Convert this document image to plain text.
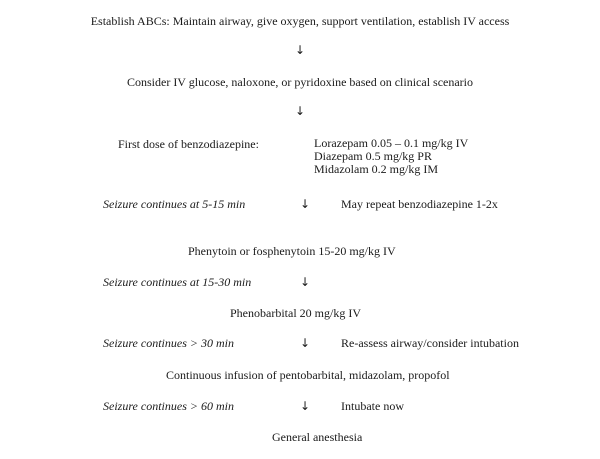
Establish ABCs: Maintain airway, give oxygen, support ventilation, establish IV access
↓
Consider IV glucose, naloxone, or pyridoxine based on clinical scenario
↓
First dose of benzodiazepine:	Lorazepam 0.05 – 0.1 mg/kg IV
Diazepam 0.5 mg/kg PR
Midazolam 0.2 mg/kg IM
Seizure continues at 5-15 min	↓	May repeat benzodiazepine 1-2x
Phenytoin or fosphenytoin 15-20 mg/kg IV
Seizure continues at 15-30 min	↓
Phenobarbital 20 mg/kg IV
Seizure continues > 30 min	↓	Re-assess airway/consider intubation
Continuous infusion of pentobarbital, midazolam, propofol
Seizure continues > 60 min	↓	Intubate now
General anesthesia
